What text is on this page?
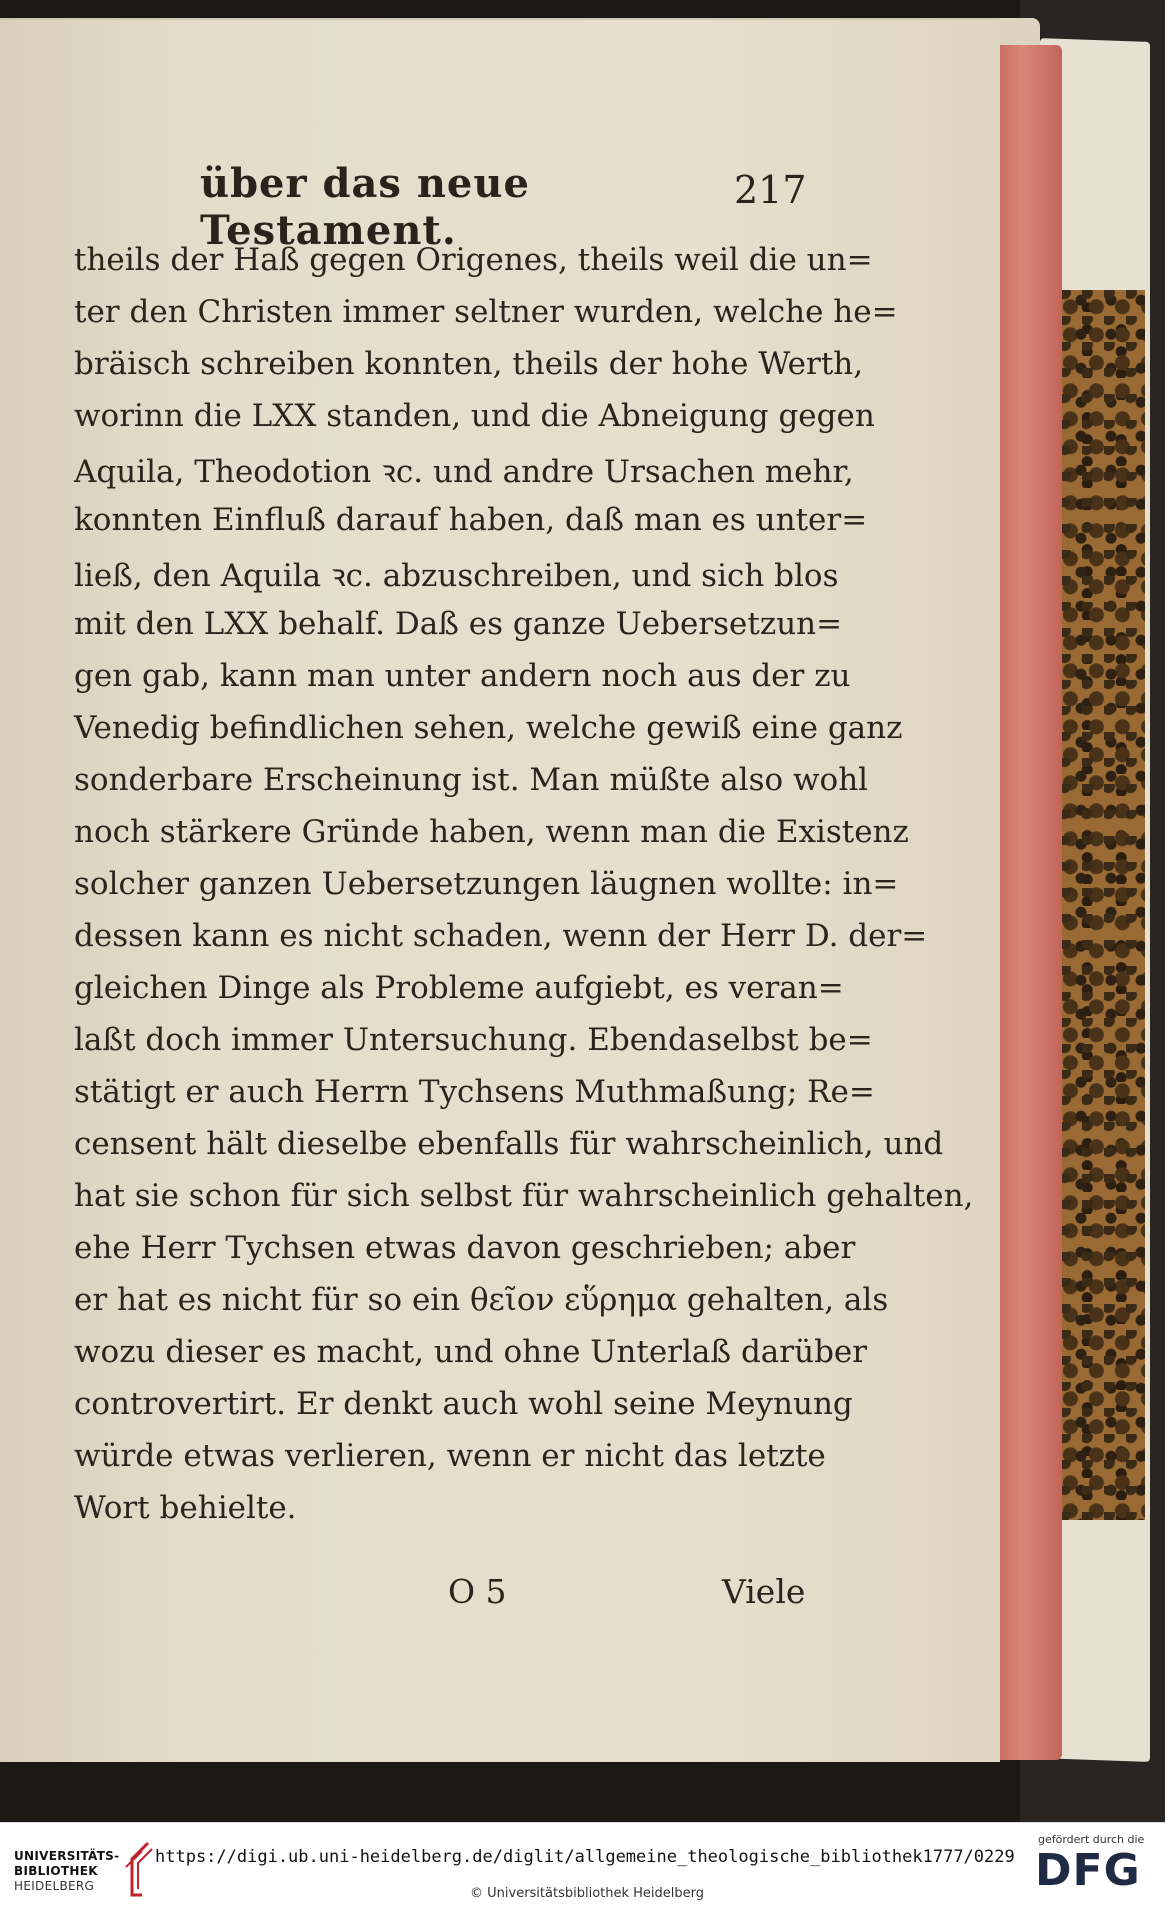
über das neue Testament.
217
theils der Haß gegen Origenes, theils weil die un=
ter den Christen immer seltner wurden, welche he=
bräisch schreiben konnten, theils der hohe Werth,
worinn die LXX standen, und die Abneigung gegen
Aquila, Theodotion ꝛc. und andre Ursachen mehr,
konnten Einfluß darauf haben, daß man es unter=
ließ, den Aquila ꝛc. abzuschreiben, und sich blos
mit den LXX behalf. Daß es ganze Uebersetzun=
gen gab, kann man unter andern noch aus der zu
Venedig befindlichen sehen, welche gewiß eine ganz
sonderbare Erscheinung ist. Man müßte also wohl
noch stärkere Gründe haben, wenn man die Existenz
solcher ganzen Uebersetzungen läugnen wollte: in=
dessen kann es nicht schaden, wenn der Herr D. der=
gleichen Dinge als Probleme aufgiebt, es veran=
laßt doch immer Untersuchung. Ebendaselbst be=
stätigt er auch Herrn Tychsens Muthmaßung; Re=
censent hält dieselbe ebenfalls für wahrscheinlich, und
hat sie schon für sich selbst für wahrscheinlich gehalten,
ehe Herr Tychsen etwas davon geschrieben; aber
er hat es nicht für so ein θεῖον εὕρημα gehalten, als
wozu dieser es macht, und ohne Unterlaß darüber
controvertirt. Er denkt auch wohl seine Meynung
würde etwas verlieren, wenn er nicht das letzte
Wort behielte.
O 5	Viele
UNIVERSITÄTS-
BIBLIOTHEK
HEIDELBERG
https://digi.ub.uni-heidelberg.de/diglit/allgemeine_theologische_bibliothek1777/0229
© Universitätsbibliothek Heidelberg
gefördert durch die
DFG
